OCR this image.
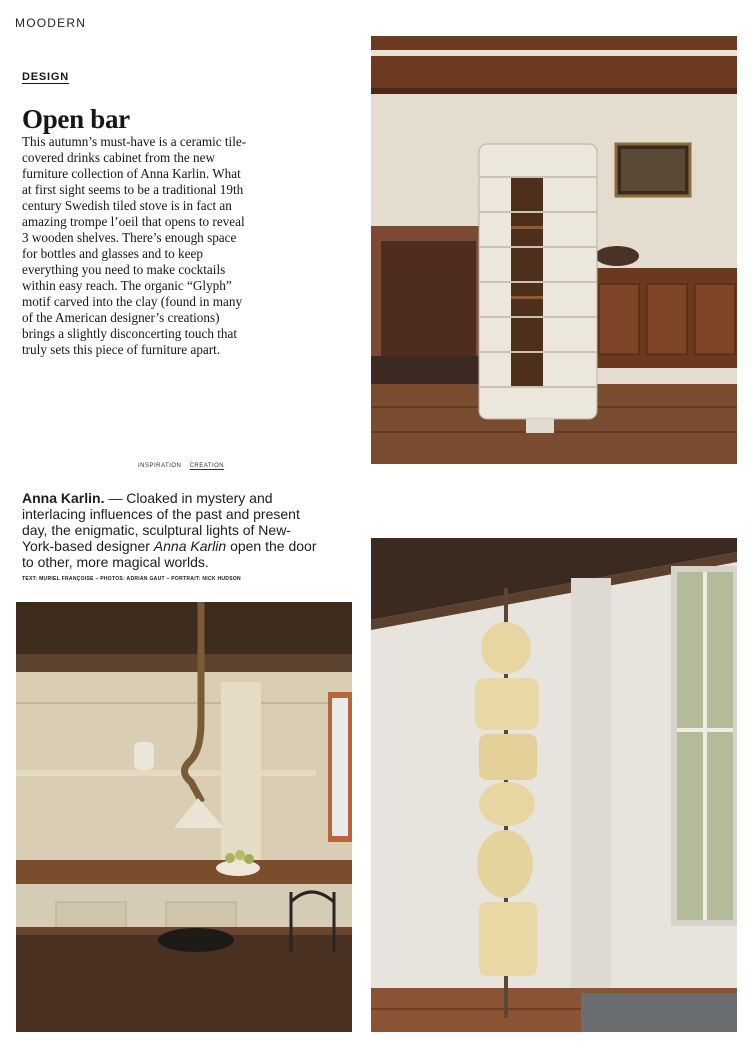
MOODERN
DESIGN
Open bar
This autumn’s must-have is a ceramic tile-covered drinks cabinet from the new furniture collection of Anna Karlin. What at first sight seems to be a traditional 19th century Swedish tiled stove is in fact an amazing trompe l’oeil that opens to reveal 3 wooden shelves. There’s enough space for bottles and glasses and to keep everything you need to make cocktails within easy reach. The organic “Glyph” motif carved into the clay (found in many of the American designer’s creations) brings a slightly disconcerting touch that truly sets this piece of furniture apart.
INSPIRATION CREATION
Anna Karlin. — Cloaked in mystery and interlacing influences of the past and present day, the enigmatic, sculptural lights of New-York-based designer Anna Karlin open the door to other, more magical worlds.
TEXT: MURIEL FRANÇOISE – PHOTOS: ADRIAN GAUT – PORTRAIT: NICK HUDSON
